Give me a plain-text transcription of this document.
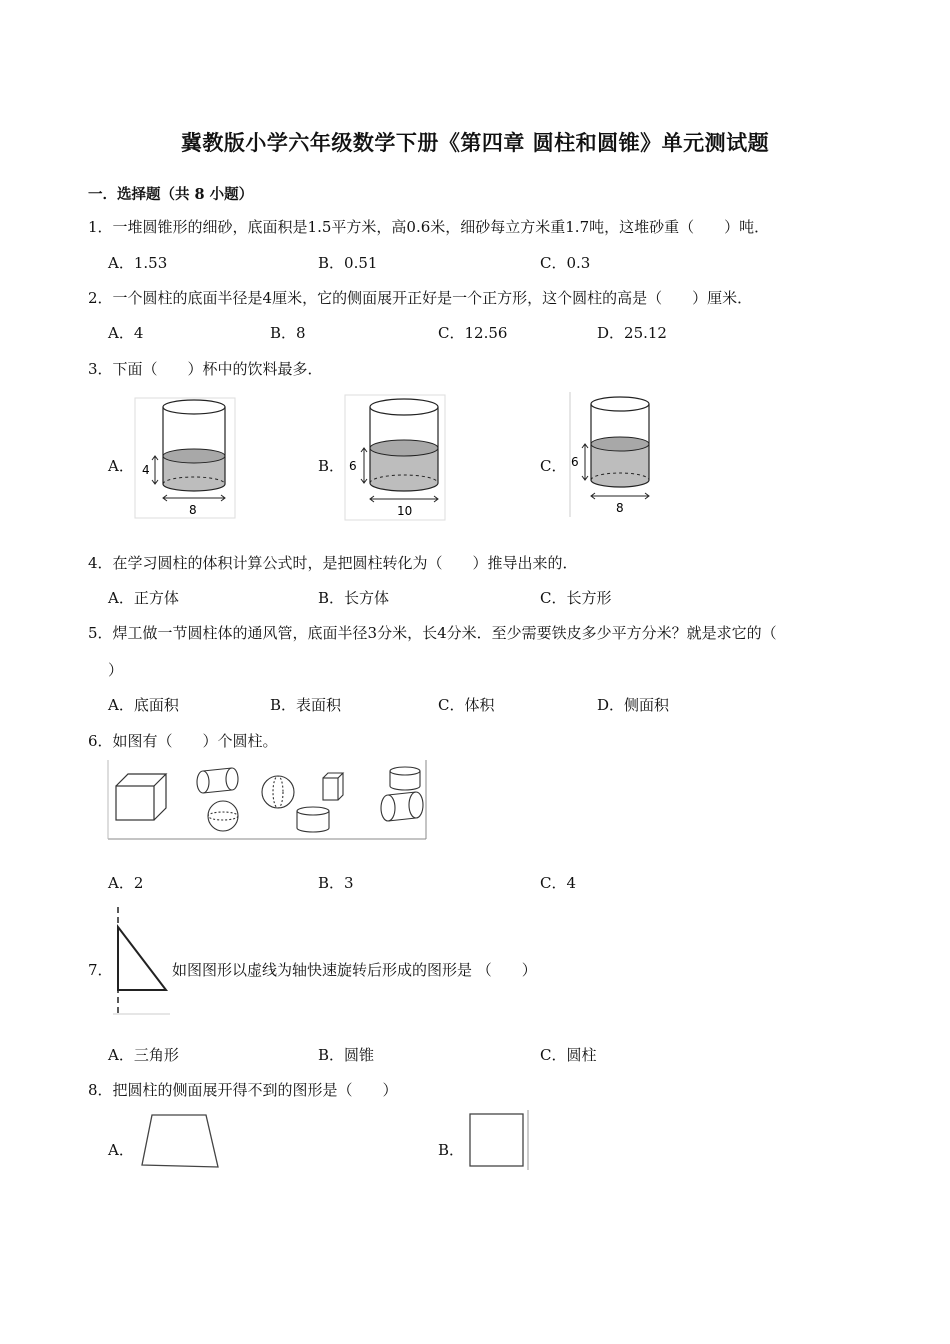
冀教版小学六年级数学下册《第四章 圆柱和圆锥》单元测试题
一．选择题（共 8 小题）
1．一堆圆锥形的细砂，底面积是1.5平方米，高0.6米，细砂每立方米重1.7吨，这堆砂重（　　）吨．
A．1.53	B．0.51	C．0.3
2．一个圆柱的底面半径是4厘米，它的侧面展开正好是一个正方形，这个圆柱的高是（　　）厘米．
A．4	B．8	C．12.56	D．25.12
3．下面（　　）杯中的饮料最多．
A．	B．	C．
4
8
6
10
6
8
4．在学习圆柱的体积计算公式时，是把圆柱转化为（　　）推导出来的．
A．正方体	B．长方体	C．长方形
5．焊工做一节圆柱体的通风管，底面半径3分米，长4分米．至少需要铁皮多少平方分米？就是求它的（
）
A．底面积	B．表面积	C．体积	D．侧面积
6．如图有（　　）个圆柱。
A．2	B．3	C．4
7．	如图图形以虚线为轴快速旋转后形成的图形是 （　　）
A．三角形	B．圆锥	C．圆柱
8．把圆柱的侧面展开得不到的图形是（　　）
A．	B．
